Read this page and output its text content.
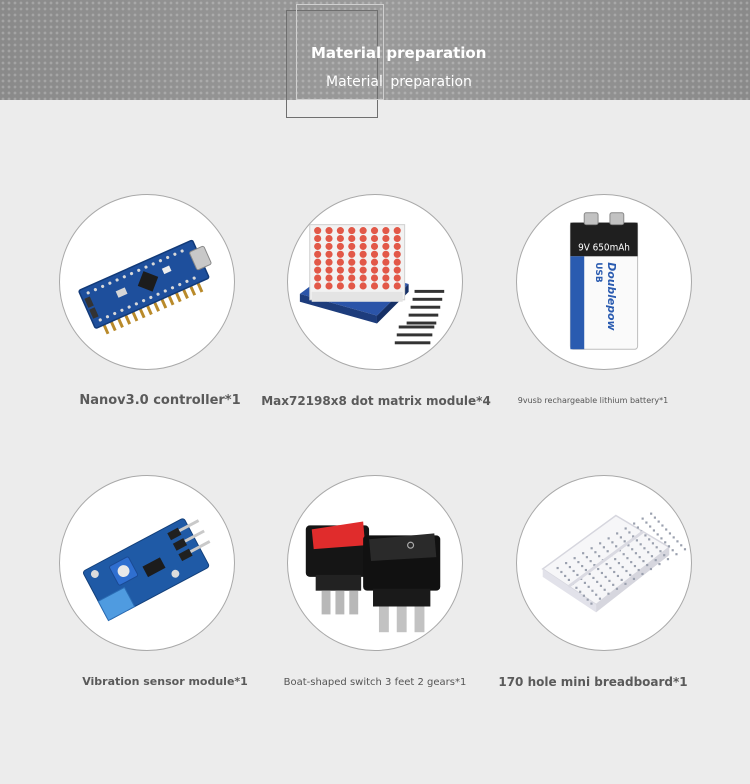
Material preparation
Material preparation
9V 650mAh
Doublepow
USB
Nanov3.0 controller*1	Max72198x8 dot matrix module*4	9vusb rechargeable lithium battery*1
Vibration sensor module*1	Boat-shaped switch 3 feet 2 gears*1	170 hole mini breadboard*1
